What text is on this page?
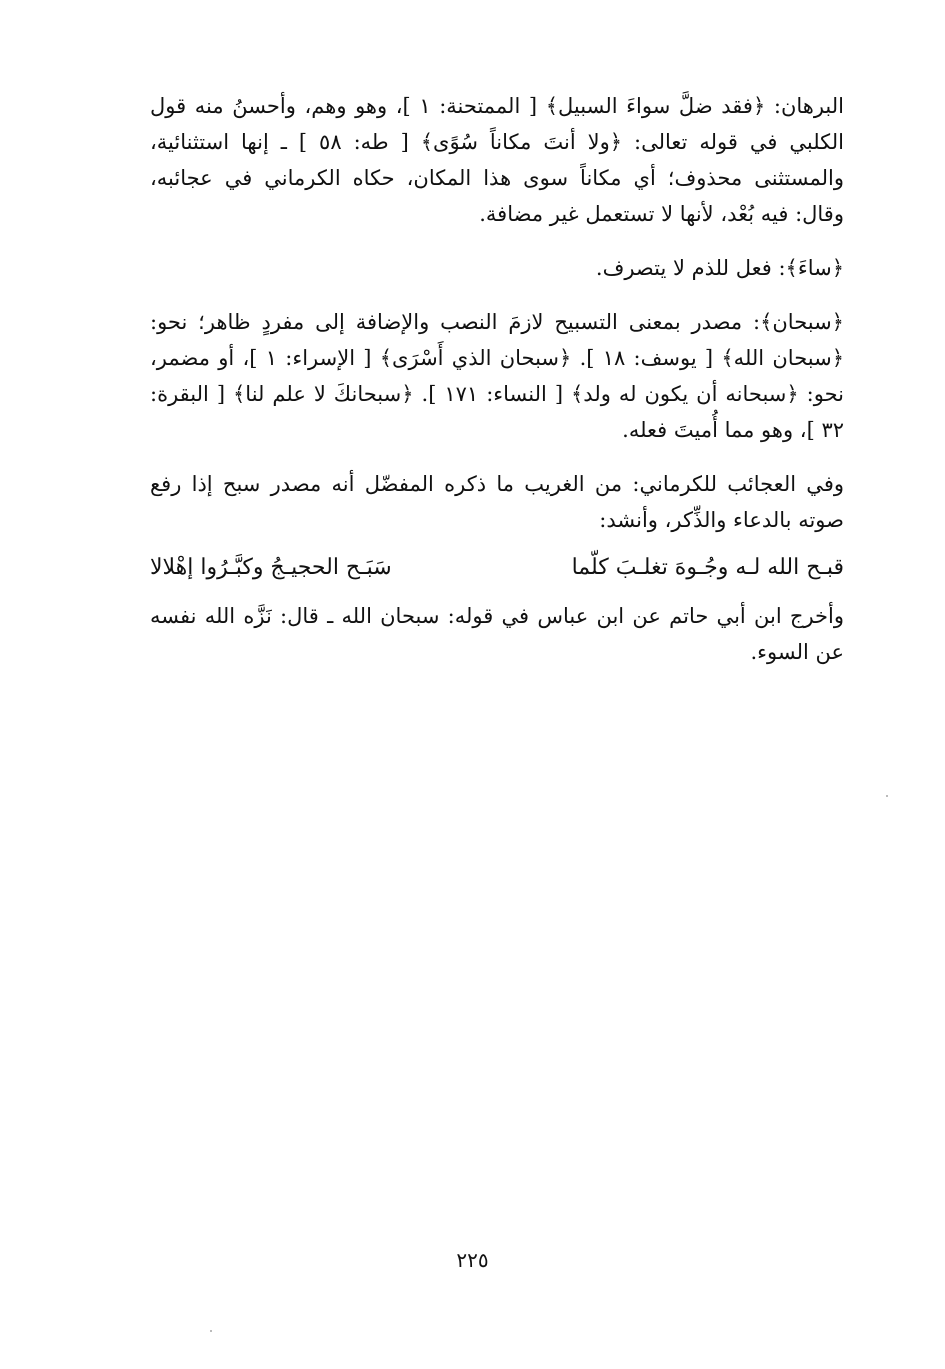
البرهان: ﴿فقد ضلَّ سواءَ السبيل﴾ [ الممتحنة: ١ ]، وهو وهم، وأحسنُ منه قول الكلبي في قوله تعالى: ﴿ولا أنتَ مكاناً سُوًى﴾ [ طه: ٥٨ ] ـ إنها استثنائية، والمستثنى محذوف؛ أي مكاناً سوى هذا المكان، حكاه الكرماني في عجائبه، وقال: فيه بُعْد، لأنها لا تستعمل غير مضافة.

﴿ساءَ﴾: فعل للذم لا يتصرف.

﴿سبحان﴾: مصدر بمعنى التسبيح لازمَ النصب والإضافة إلى مفردٍ ظاهر؛ نحو: ﴿سبحان الله﴾ [ يوسف: ١٨ ]. ﴿سبحان الذي أَسْرَى﴾ [ الإسراء: ١ ]، أو مضمر، نحو: ﴿سبحانه أن يكون له ولد﴾ [ النساء: ١٧١ ]. ﴿سبحانكَ لا علم لنا﴾ [ البقرة: ٣٢ ]، وهو مما أُميتَ فعله.

وفي العجائب للكرماني: من الغريب ما ذكره المفضّل أنه مصدر سبح إذا رفع صوته بالدعاء والذِّكر، وأنشد:

قبـح الله لـه وجُـوهَ تغلـبَ كلّما
سَبَـح الحجيـجُ وكبَّـرُوا إهْلالا

وأخرج ابن أبي حاتم عن ابن عباس في قوله: سبحان الله ـ قال: نَزَّه الله نفسه عن السوء.

٢٢٥
